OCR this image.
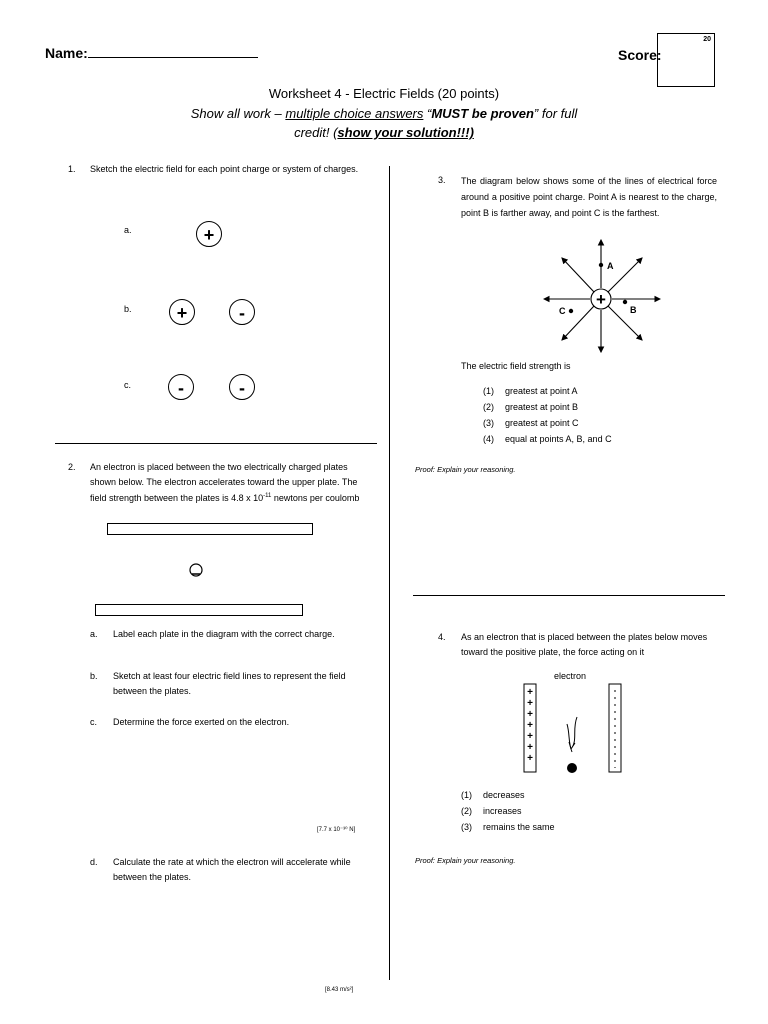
Name:	Score:
20
Worksheet 4 - Electric Fields (20 points)
Show all work – multiple choice answers “MUST be proven” for full
credit! (show your solution!!!)
1. Sketch the electric field for each point charge or system of charges.
a.	+
b.	+	-
c.	-	-
2. An electron is placed between the two electrically charged plates shown below. The electron accelerates toward the upper plate. The field strength between the plates is 4.8 x $10^{-11}$ newtons per coulomb
a. Label each plate in the diagram with the correct charge.
b. Sketch at least four electric field lines to represent the field between the plates.
c. Determine the force exerted on the electron.
[7.7 x 10⁻³⁰ N]
d. Calculate the rate at which the electron will accelerate while between the plates.
[8.43 m/s²]
3. The diagram below shows some of the lines of electrical force around a positive point charge. Point A is nearest to the charge, point B is farther away, and point C is the farthest.
+
A
B
C
The electric field strength is
(1) greatest at point A
(2) greatest at point B
(3) greatest at point C
(4) equal at points A, B, and C
Proof: Explain your reasoning.
4. As an electron that is placed between the plates below moves toward the positive plate, the force acting on it
electron
+
+
+
+
+
+
+
(1) decreases
(2) increases
(3) remains the same
Proof: Explain your reasoning.
